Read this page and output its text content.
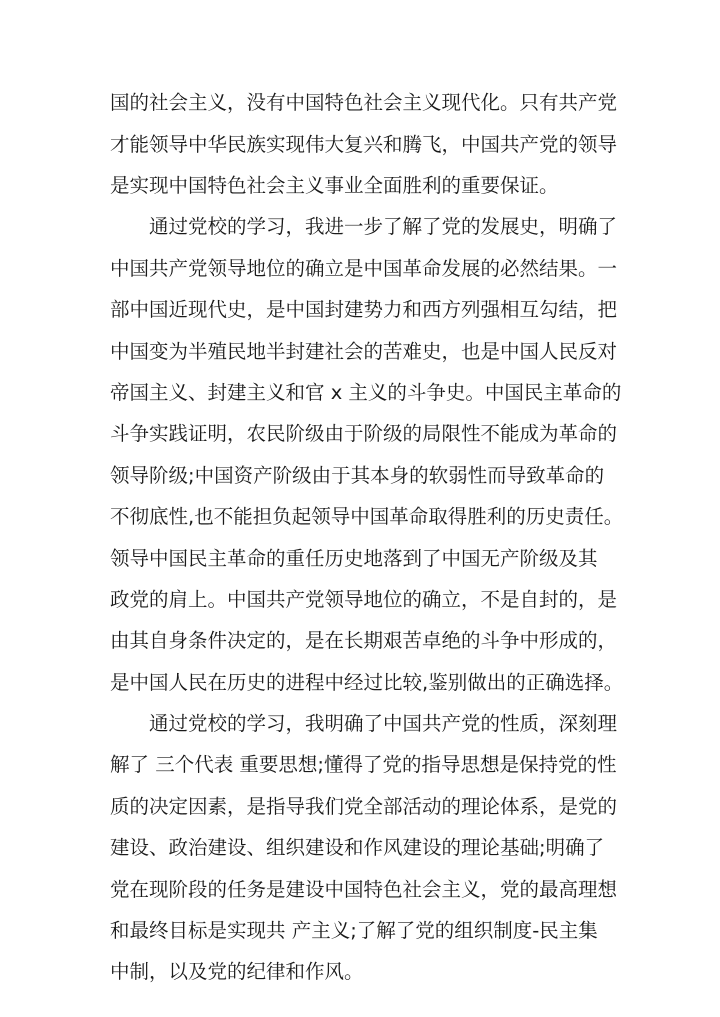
国的社会主义，没有中国特色社会主义现代化。只有共产党
才能领导中华民族实现伟大复兴和腾飞，中国共产党的领导
是实现中国特色社会主义事业全面胜利的重要保证。
通过党校的学习，我进一步了解了党的发展史，明确了
中国共产党领导地位的确立是中国革命发展的必然结果。一
部中国近现代史，是中国封建势力和西方列强相互勾结，把
中国变为半殖民地半封建社会的苦难史，也是中国人民反对
帝国主义、封建主义和官 x 主义的斗争史。中国民主革命的
斗争实践证明，农民阶级由于阶级的局限性不能成为革命的
领导阶级;中国资产阶级由于其本身的软弱性而导致革命的
不彻底性,也不能担负起领导中国革命取得胜利的历史责任。
领导中国民主革命的重任历史地落到了中国无产阶级及其
政党的肩上。中国共产党领导地位的确立，不是自封的，是
由其自身条件决定的，是在长期艰苦卓绝的斗争中形成的，
是中国人民在历史的进程中经过比较,鉴别做出的正确选择。
通过党校的学习，我明确了中国共产党的性质，深刻理
解了 三个代表 重要思想;懂得了党的指导思想是保持党的性
质的决定因素，是指导我们党全部活动的理论体系，是党的
建设、政治建设、组织建设和作风建设的理论基础;明确了
党在现阶段的任务是建设中国特色社会主义，党的最高理想
和最终目标是实现共 产主义;了解了党的组织制度-民主集
中制，以及党的纪律和作风。
